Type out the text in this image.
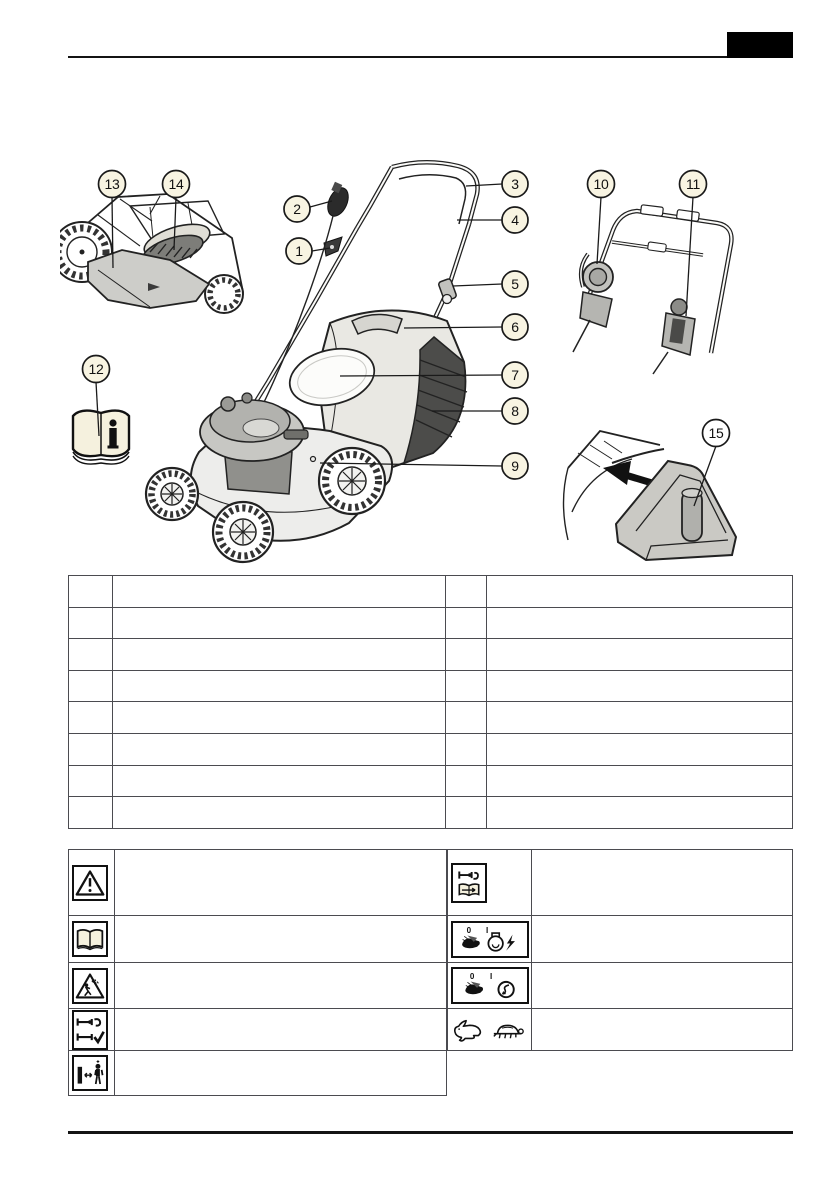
1
2
3
4
5
6
7
8
9
10	11
12
13	14
15

0 I	

0 I	
